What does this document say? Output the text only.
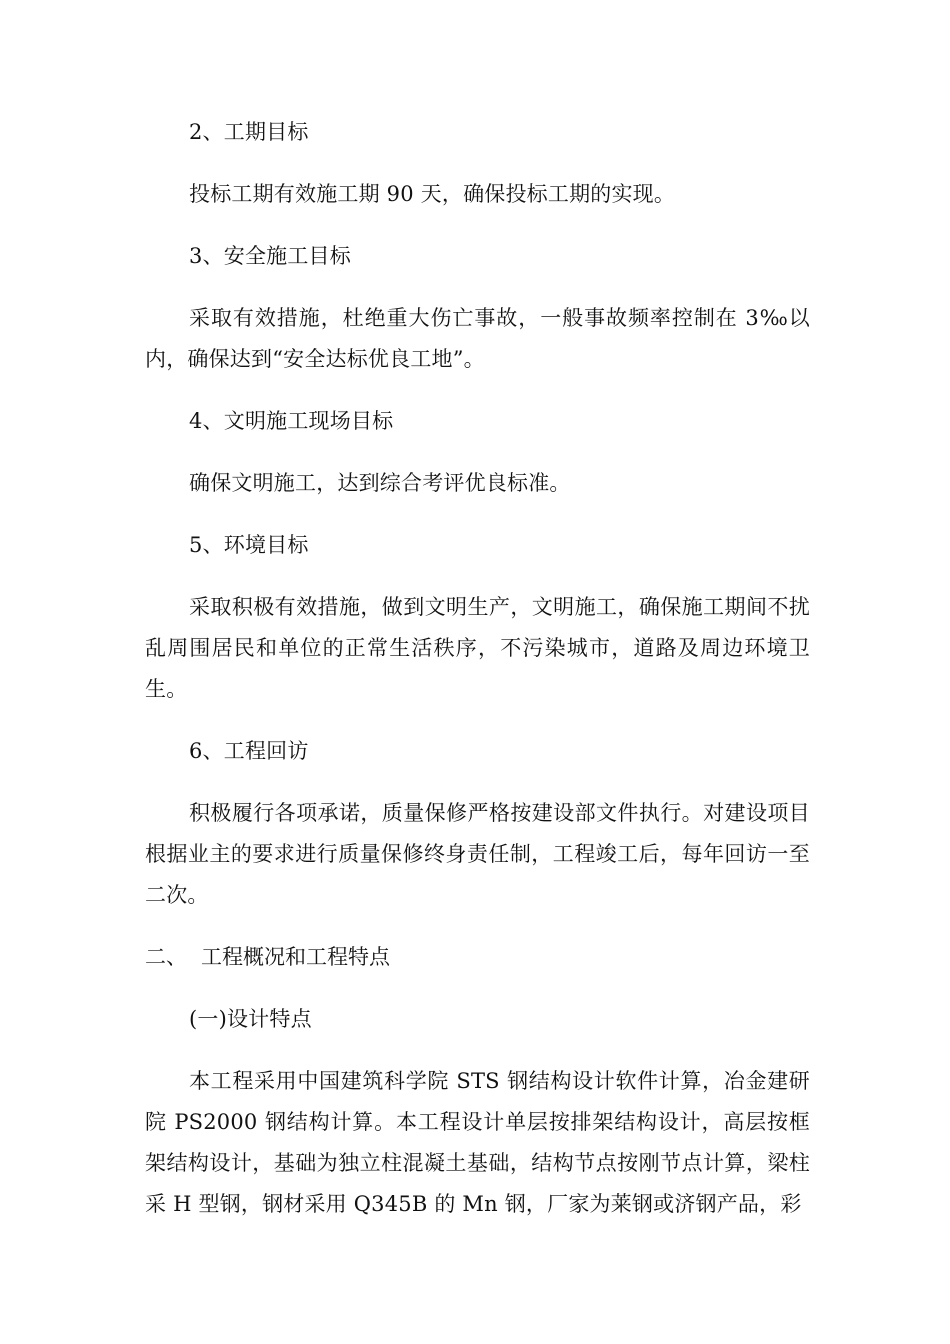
2、工期目标

投标工期有效施工期 90 天，确保投标工期的实现。

3、安全施工目标

采取有效措施，杜绝重大伤亡事故，一般事故频率控制在 3‰以内，确保达到“安全达标优良工地”。

4、文明施工现场目标

确保文明施工，达到综合考评优良标准。

5、环境目标

采取积极有效措施，做到文明生产，文明施工，确保施工期间不扰乱周围居民和单位的正常生活秩序，不污染城市，道路及周边环境卫生。

6、工程回访

积极履行各项承诺，质量保修严格按建设部文件执行。对建设项目根据业主的要求进行质量保修终身责任制，工程竣工后，每年回访一至二次。

二、 工程概况和工程特点

(一)设计特点

本工程采用中国建筑科学院 STS 钢结构设计软件计算，冶金建研院 PS2000 钢结构计算。本工程设计单层按排架结构设计，高层按框架结构设计，基础为独立柱混凝土基础，结构节点按刚节点计算，梁柱采 H 型钢，钢材采用 Q345B 的 Mn 钢，厂家为莱钢或济钢产品，彩
